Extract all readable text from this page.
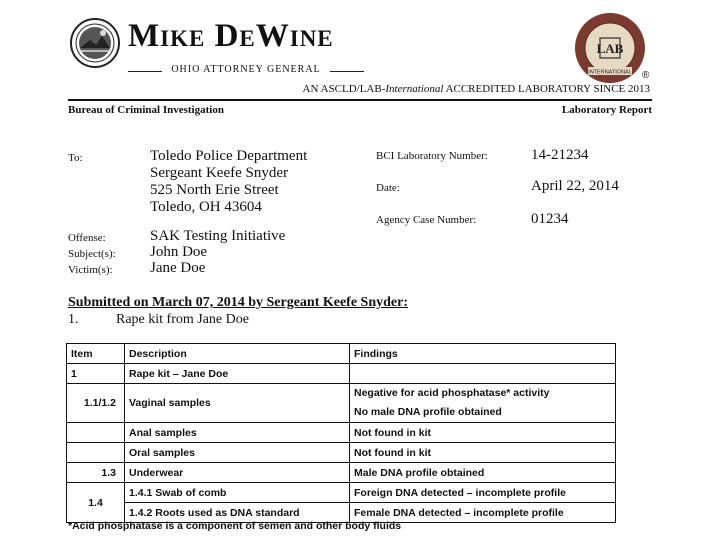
Mike DeWine
OHIO ATTORNEY GENERAL
LAB
INTERNATIONAL ®
AN ASCLD/LAB-International ACCREDITED LABORATORY SINCE 2013
Bureau of Criminal Investigation	Laboratory Report
To:	Toledo Police Department
Sergeant Keefe Snyder
525 North Erie Street
Toledo, OH 43604
BCI Laboratory Number:	14-21234
Date:	April 22, 2014
Agency Case Number:	01234
Offense:	SAK Testing Initiative
Subject(s): John Doe
Victim(s): Jane Doe
Submitted on March 07, 2014 by Sergeant Keefe Snyder:
1.	Rape kit from Jane Doe
Item	Description	Findings
1	Rape kit – Jane Doe	
1.1/1.2	Vaginal samples	Negative for acid phosphatase* activity
No male DNA profile obtained

	Anal samples	Not found in kit
	Oral samples	Not found in kit
1.3	Underwear	Male DNA profile obtained
1.4	1.4.1 Swab of comb	Foreign DNA detected – incomplete profile
	1.4.2 Roots used as DNA standard	Female DNA detected – incomplete profile
*Acid phosphatase is a component of semen and other body fluids
